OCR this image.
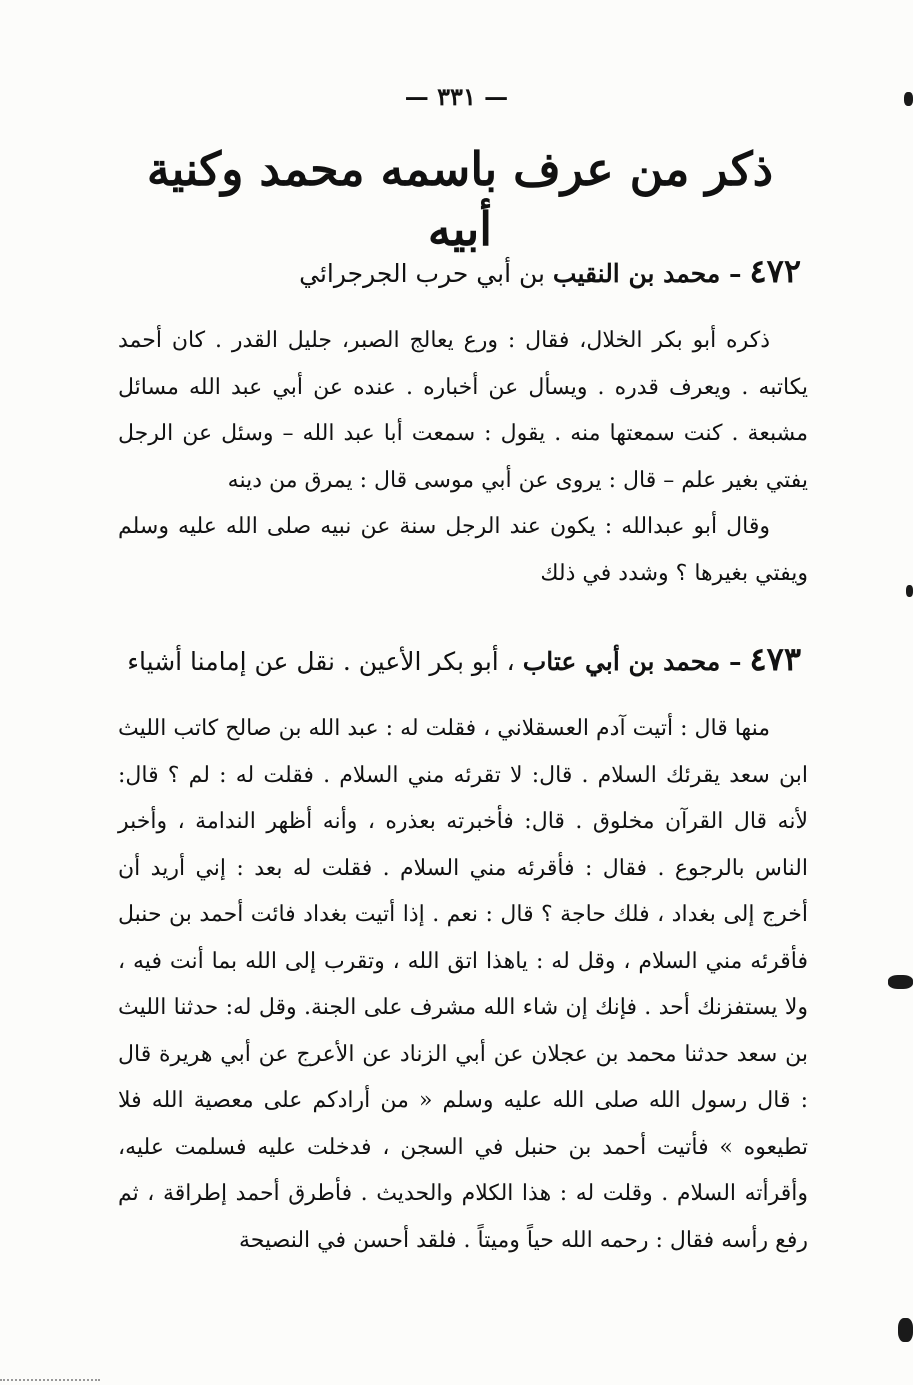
— ٣٣١ —
ذكر من عرف باسمه محمد وكنية أبيه
٤٧٢ – محمد بن النقيب بن أبي حرب الجرجرائي

ذكره أبو بكر الخلال، فقال : ورع يعالج الصبر، جليل القدر . كان أحمد يكاتبه . ويعرف قدره . ويسأل عن أخباره . عنده عن أبي عبد الله مسائل مشبعة . كنت سمعتها منه . يقول : سمعت أبا عبد الله – وسئل عن الرجل يفتي بغير علم – قال : يروى عن أبي موسى قال : يمرق من دينه

وقال أبو عبدالله : يكون عند الرجل سنة عن نبيه صلى الله عليه وسلم ويفتي بغيرها ؟ وشدد في ذلك

٤٧٣ – محمد بن أبي عتاب ، أبو بكر الأعين . نقل عن إمامنا أشياء

منها قال : أتيت آدم العسقلاني ، فقلت له : عبد الله بن صالح كاتب الليث ابن سعد يقرئك السلام . قال: لا تقرئه مني السلام . فقلت له : لم ؟ قال: لأنه قال القرآن مخلوق . قال: فأخبرته بعذره ، وأنه أظهر الندامة ، وأخبر الناس بالرجوع . فقال : فأقرئه مني السلام . فقلت له بعد : إني أريد أن أخرج إلى بغداد ، فلك حاجة ؟ قال : نعم . إذا أتيت بغداد فائت أحمد بن حنبل فأقرئه مني السلام ، وقل له : ياهذا اتق الله ، وتقرب إلى الله بما أنت فيه ، ولا يستفزنك أحد . فإنك إن شاء الله مشرف على الجنة. وقل له: حدثنا الليث بن سعد حدثنا محمد بن عجلان عن أبي الزناد عن الأعرج عن أبي هريرة قال : قال رسول الله صلى الله عليه وسلم « من أرادكم على معصية الله فلا تطيعوه » فأتيت أحمد بن حنبل في السجن ، فدخلت عليه فسلمت عليه، وأقرأته السلام . وقلت له : هذا الكلام والحديث . فأطرق أحمد إطراقة ، ثم رفع رأسه فقال : رحمه الله حياً وميتاً . فلقد أحسن في النصيحة
